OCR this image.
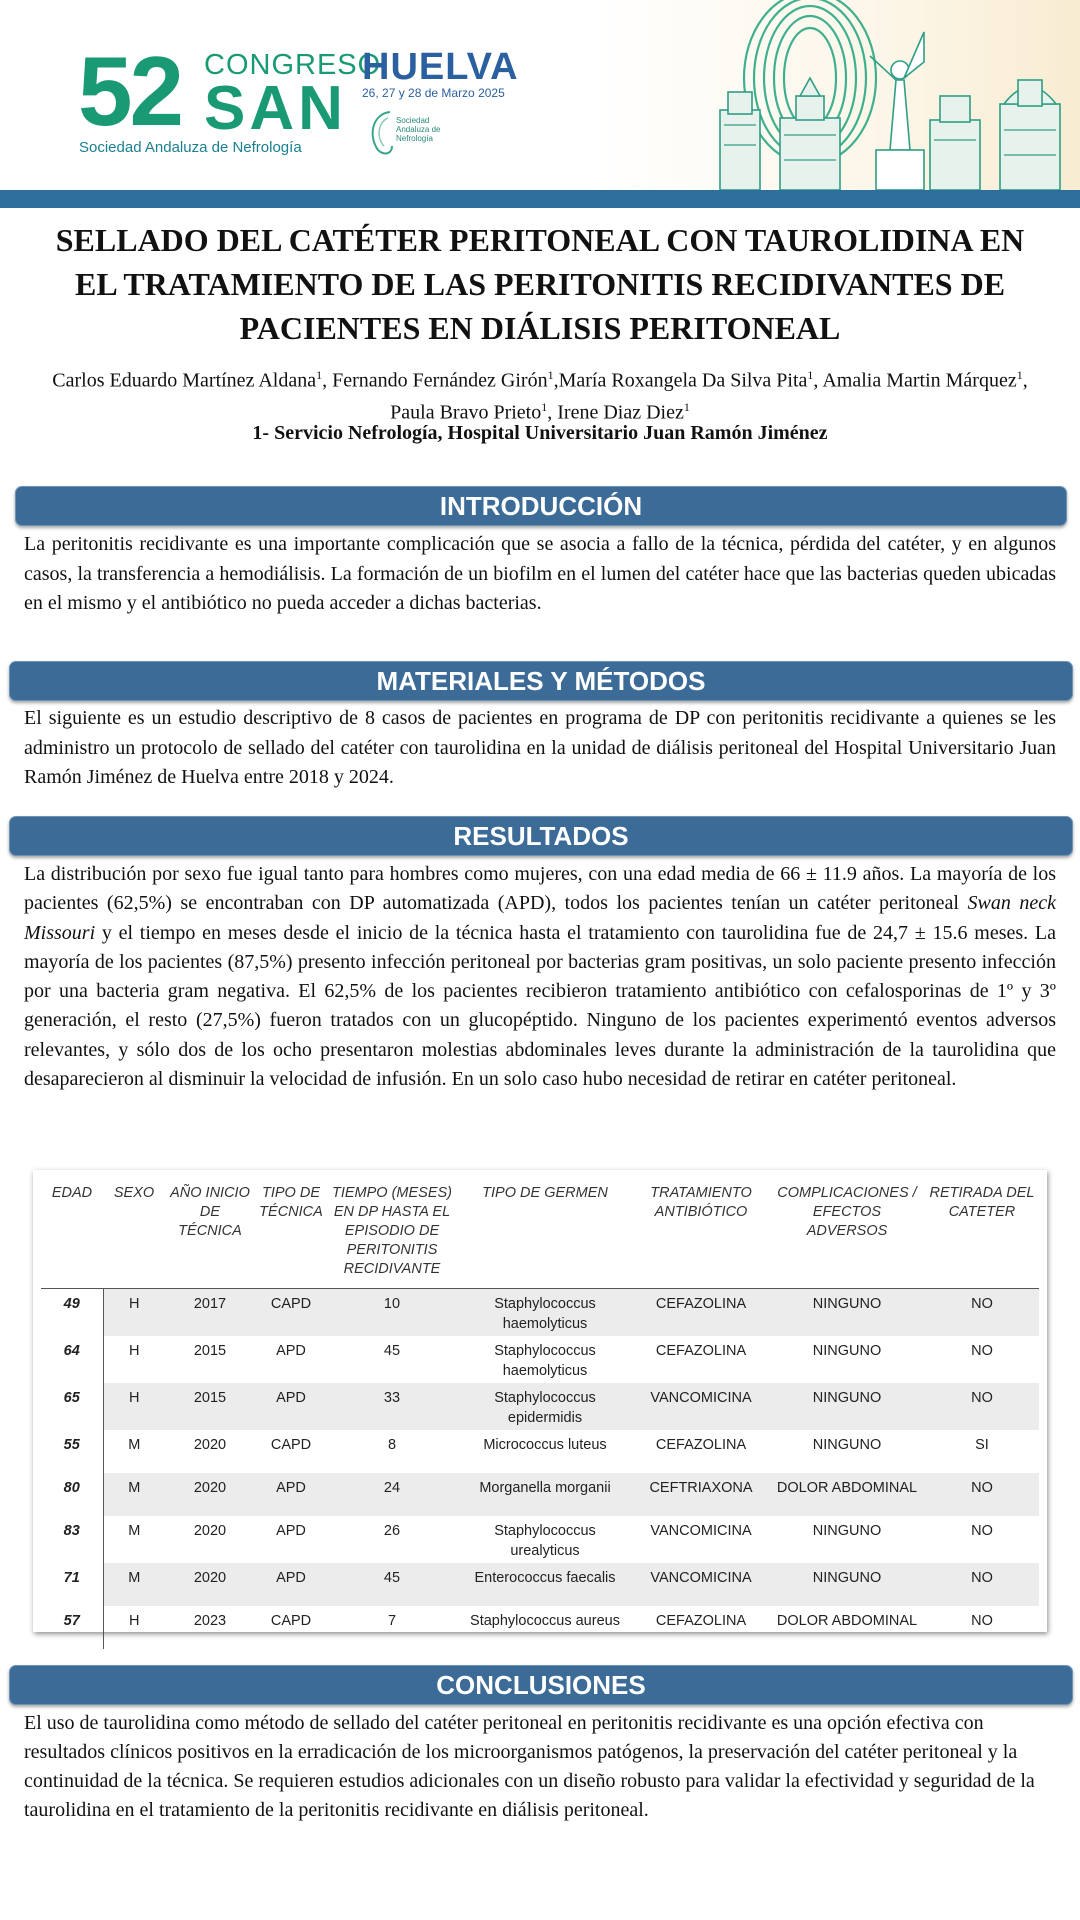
52 CONGRESO
SAN
Sociedad Andaluza de Nefrología
HUELVA
26, 27 y 28 de Marzo 2025
Sociedad
Andaluza de
Nefrología
SELLADO DEL CATÉTER PERITONEAL CON TAUROLIDINA EN
EL TRATAMIENTO DE LAS PERITONITIS RECIDIVANTES DE
PACIENTES EN DIÁLISIS PERITONEAL
Carlos Eduardo Martínez Aldana$^1$, Fernando Fernández Girón$^1$,María Roxangela Da Silva Pita$^1$, Amalia Martin Márquez$^1$, Paula Bravo Prieto$^1$, Irene Diaz Diez$^1$
1- Servicio Nefrología, Hospital Universitario Juan Ramón Jiménez
INTRODUCCIÓN
La peritonitis recidivante es una importante complicación que se asocia a fallo de la técnica, pérdida del catéter, y en algunos casos, la transferencia a hemodiálisis. La formación de un biofilm en el lumen del catéter hace que las bacterias queden ubicadas en el mismo y el antibiótico no pueda acceder a dichas bacterias.
MATERIALES Y MÉTODOS
El siguiente es un estudio descriptivo de 8 casos de pacientes en programa de DP con peritonitis recidivante a quienes se les administro un protocolo de sellado del catéter con taurolidina en la unidad de diálisis peritoneal del Hospital Universitario Juan Ramón Jiménez de Huelva entre 2018 y 2024.
RESULTADOS
La distribución por sexo fue igual tanto para hombres como mujeres, con una edad media de 66 ± 11.9 años. La mayoría de los pacientes (62,5%) se encontraban con DP automatizada (APD), todos los pacientes tenían un catéter peritoneal Swan neck Missouri y el tiempo en meses desde el inicio de la técnica hasta el tratamiento con taurolidina fue de 24,7 ± 15.6 meses. La mayoría de los pacientes (87,5%) presento infección peritoneal por bacterias gram positivas, un solo paciente presento infección por una bacteria gram negativa. El 62,5% de los pacientes recibieron tratamiento antibiótico con cefalosporinas de 1º y 3º generación, el resto (27,5%) fueron tratados con un glucopéptido. Ninguno de los pacientes experimentó eventos adversos relevantes, y sólo dos de los ocho presentaron molestias abdominales leves durante la administración de la taurolidina que desaparecieron al disminuir la velocidad de infusión. En un solo caso hubo necesidad de retirar en catéter peritoneal.
EDAD	SEXO	AÑO INICIO DE TÉCNICA	TIPO DE TÉCNICA	TIEMPO (MESES) EN DP HASTA EL EPISODIO DE PERITONITIS RECIDIVANTE	TIPO DE GERMEN	TRATAMIENTO ANTIBIÓTICO	COMPLICACIONES / EFECTOS ADVERSOS	RETIRADA DEL CATETER
49	H	2017	CAPD	10	Staphylococcus haemolyticus	CEFAZOLINA	NINGUNO	NO
64	H	2015	APD	45	Staphylococcus haemolyticus	CEFAZOLINA	NINGUNO	NO
65	H	2015	APD	33	Staphylococcus epidermidis	VANCOMICINA	NINGUNO	NO
55	M	2020	CAPD	8	Micrococcus luteus	CEFAZOLINA	NINGUNO	SI
80	M	2020	APD	24	Morganella morganii	CEFTRIAXONA	DOLOR ABDOMINAL	NO
83	M	2020	APD	26	Staphylococcus urealyticus	VANCOMICINA	NINGUNO	NO
71	M	2020	APD	45	Enterococcus faecalis	VANCOMICINA	NINGUNO	NO
57	H	2023	CAPD	7	Staphylococcus aureus	CEFAZOLINA	DOLOR ABDOMINAL	NO
CONCLUSIONES
El uso de taurolidina como método de sellado del catéter peritoneal en peritonitis recidivante es una opción efectiva con resultados clínicos positivos en la erradicación de los microorganismos patógenos, la preservación del catéter peritoneal y la continuidad de la técnica. Se requieren estudios adicionales con un diseño robusto para validar la efectividad y seguridad de la taurolidina en el tratamiento de la peritonitis recidivante en diálisis peritoneal.
